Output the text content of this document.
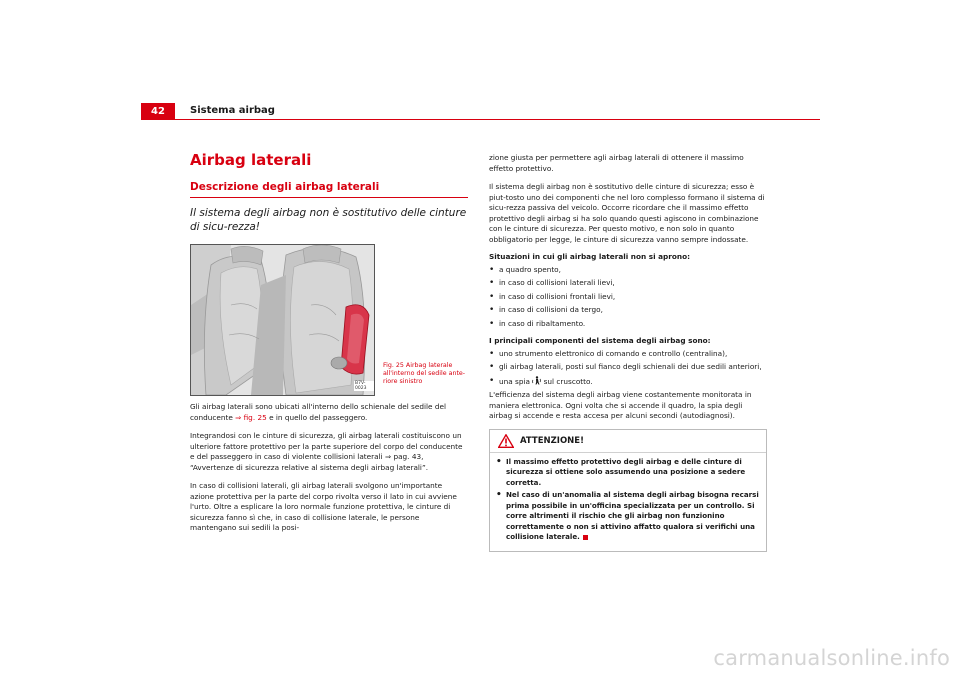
42	Sistema airbag
Airbag laterali
Descrizione degli airbag laterali

Il sistema degli airbag non è sostitutivo delle cinture di sicu-rezza!

B7V-0023
Fig. 25 Airbag laterale all'interno del sedile ante-riore sinistro

Gli airbag laterali sono ubicati all'interno dello schienale del sedile del conducente ⇒ fig. 25 e in quello del passeggero.

Integrandosi con le cinture di sicurezza, gli airbag laterali costituiscono un ulteriore fattore protettivo per la parte superiore del corpo del conducente e del passeggero in caso di violente collisioni laterali ⇒ pag. 43, “Avvertenze di sicurezza relative al sistema degli airbag laterali”.

In caso di collisioni laterali, gli airbag laterali svolgono un'importante azione protettiva per la parte del corpo rivolta verso il lato in cui avviene l'urto. Oltre a esplicare la loro normale funzione protettiva, le cinture di sicurezza fanno sì che, in caso di collisione laterale, le persone mantengano sui sedili la posi-

zione giusta per permettere agli airbag laterali di ottenere il massimo effetto protettivo.

Il sistema degli airbag non è sostitutivo delle cinture di sicurezza; esso è piut-tosto uno dei componenti che nel loro complesso formano il sistema di sicu-rezza passiva del veicolo. Occorre ricordare che il massimo effetto protettivo degli airbag si ha solo quando questi agiscono in combinazione con le cinture di sicurezza. Per questo motivo, e non solo in quanto obbligatorio per legge, le cinture di sicurezza vanno sempre indossate.

Situazioni in cui gli airbag laterali non si aprono:
• a quadro spento,
• in caso di collisioni laterali lievi,
• in caso di collisioni frontali lievi,
• in caso di collisioni da tergo,
• in caso di ribaltamento.
I principali componenti del sistema degli airbag sono:
• uno strumento elettronico di comando e controllo (centralina),
• gli airbag laterali, posti sul fianco degli schienali dei due sedili anteriori,
• una spia  sul cruscotto.

L'efficienza del sistema degli airbag viene costantemente monitorata in maniera elettronica. Ogni volta che si accende il quadro, la spia degli airbag si accende e resta accesa per alcuni secondi (autodiagnosi).

ATTENZIONE!
• Il massimo effetto protettivo degli airbag e delle cinture di sicurezza si ottiene solo assumendo una posizione a sedere corretta.
• Nel caso di un'anomalia al sistema degli airbag bisogna recarsi prima possibile in un'officina specializzata per un controllo. Si corre altrimenti il rischio che gli airbag non funzionino correttamente o non si attivino affatto qualora si verifichi una collisione laterale.
carmanualsonline.info
